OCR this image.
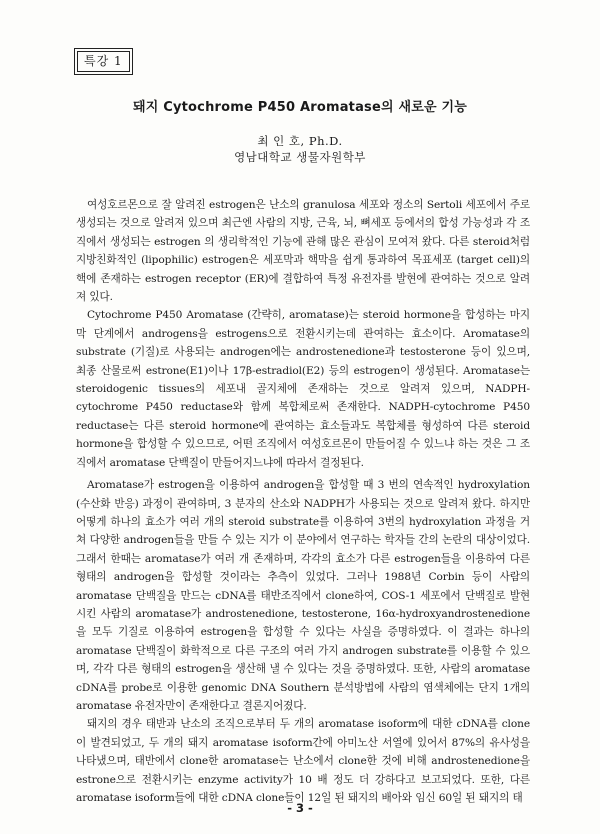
특강 1
돼지 Cytochrome P450 Aromatase의 새로운 기능
최 인 호, Ph.D.
영남대학교 생물자원학부

여성호르몬으로 잘 알려진 estrogen은 난소의 granulosa 세포와 정소의 Sertoli 세포에서 주로 생성되는 것으로 알려져 있으며 최근엔 사람의 지방, 근육, 뇌, 뼈세포 등에서의 합성 가능성과 각 조직에서 생성되는 estrogen 의 생리학적인 기능에 관해 많은 관심이 모여져 왔다. 다른 steroid처럼 지방친화적인 (lipophilic) estrogen은 세포막과 핵막을 쉽게 통과하여 목표세포 (target cell)의 핵에 존재하는 estrogen receptor (ER)에 결합하여 특정 유전자를 발현에 관여하는 것으로 알려져 있다.

Cytochrome P450 Aromatase (간략히, aromatase)는 steroid hormone을 합성하는 마지막 단계에서 androgens을 estrogens으로 전환시키는데 관여하는 효소이다. Aromatase의 substrate (기질)로 사용되는 androgen에는 androstenedione과 testosterone 등이 있으며, 최종 산물로써 estrone(E1)이나 17β-estradiol(E2) 등의 estrogen이 생성된다. Aromatase는 steroidogenic tissues의 세포내 골지체에 존재하는 것으로 알려져 있으며, NADPH-cytochrome P450 reductase와 함께 복합체로써 존재한다. NADPH-cytochrome P450 reductase는 다른 steroid hormone에 관여하는 효소들과도 복합체를 형성하여 다른 steroid hormone을 합성할 수 있으므로, 어떤 조직에서 여성호르몬이 만들어질 수 있느냐 하는 것은 그 조직에서 aromatase 단백질이 만들어지느냐에 따라서 결정된다.

Aromatase가 estrogen을 이용하여 androgen을 합성할 때 3 번의 연속적인 hydroxylation (수산화 반응) 과정이 관여하며, 3 분자의 산소와 NADPH가 사용되는 것으로 알려져 왔다. 하지만 어떻게 하나의 효소가 여러 개의 steroid substrate를 이용하여 3번의 hydroxylation 과정을 거쳐 다양한 androgen들을 만들 수 있는 지가 이 분야에서 연구하는 학자들 간의 논란의 대상이었다. 그래서 한때는 aromatase가 여러 개 존재하며, 각각의 효소가 다른 estrogen들을 이용하여 다른 형태의 androgen을 합성할 것이라는 추측이 있었다. 그러나 1988년 Corbin 등이 사람의 aromatase 단백질을 만드는 cDNA를 태반조직에서 clone하여, COS-1 세포에서 단백질로 발현시킨 사람의 aromatase가 androstenedione, testosterone, 16α-hydroxyandrostenedione을 모두 기질로 이용하여 estrogen을 합성할 수 있다는 사실을 증명하였다. 이 결과는 하나의 aromatase 단백질이 화학적으로 다른 구조의 여러 가지 androgen substrate를 이용할 수 있으며, 각각 다른 형태의 estrogen을 생산해 낼 수 있다는 것을 증명하였다. 또한, 사람의 aromatase cDNA를 probe로 이용한 genomic DNA Southern 분석방법에 사람의 염색체에는 단지 1개의 aromatase 유전자만이 존재한다고 결론지어졌다.

돼지의 경우 태반과 난소의 조직으로부터 두 개의 aromatase isoform에 대한 cDNA를 clone이 발견되었고, 두 개의 돼지 aromatase isoform간에 아미노산 서열에 있어서 87%의 유사성을 나타냈으며, 태반에서 clone한 aromatase는 난소에서 clone한 것에 비해 androstenedione을 estrone으로 전환시키는 enzyme activity가 10 배 정도 더 강하다고 보고되었다. 또한, 다른 aromatase isoform들에 대한 cDNA clone들이 12일 된 돼지의 배아와 임신 60일 된 돼지의 태

- 3 -
